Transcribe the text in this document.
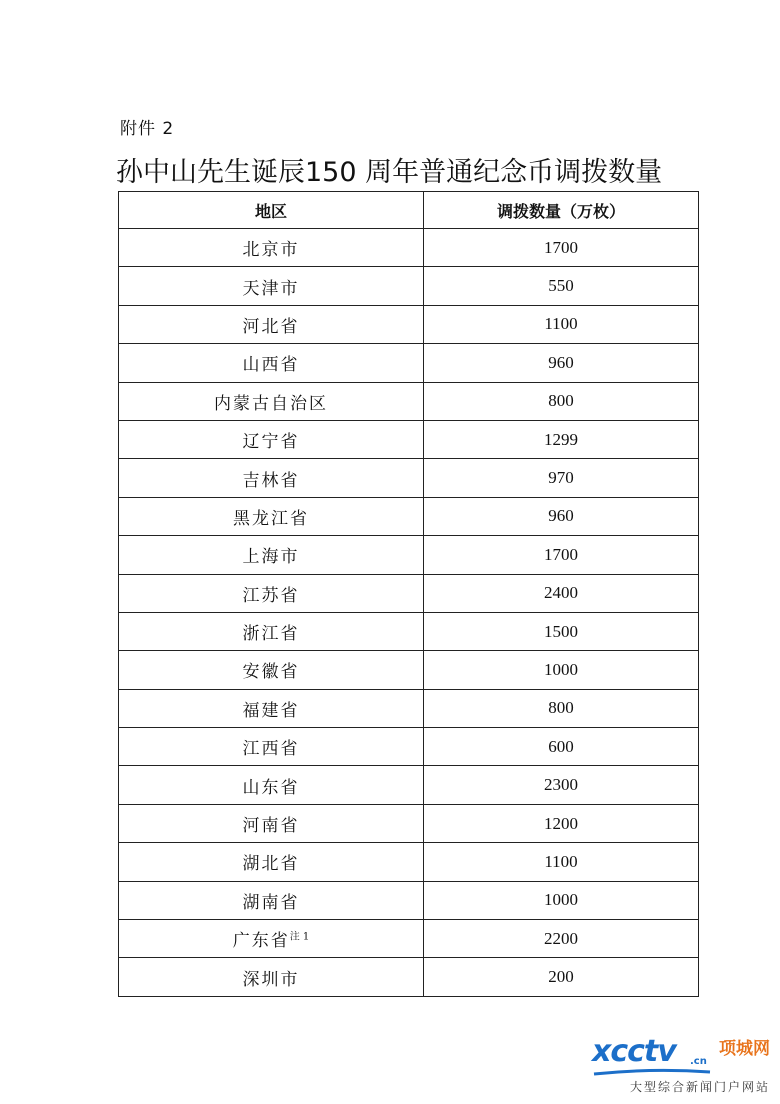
附件 2
孙中山先生诞辰150 周年普通纪念币调拨数量
地区	调拨数量（万枚）
北京市	1700
天津市	550
河北省	1100
山西省	960
内蒙古自治区	800
辽宁省	1299
吉林省	970
黑龙江省	960
上海市	1700
江苏省	2400
浙江省	1500
安徽省	1000
福建省	800
江西省	600
山东省	2300
河南省	1200
湖北省	1100
湖南省	1000
广东省$^{注 1}$	2200
深圳市	200
xcctv .cn
项城网
大型综合新闻门户网站
